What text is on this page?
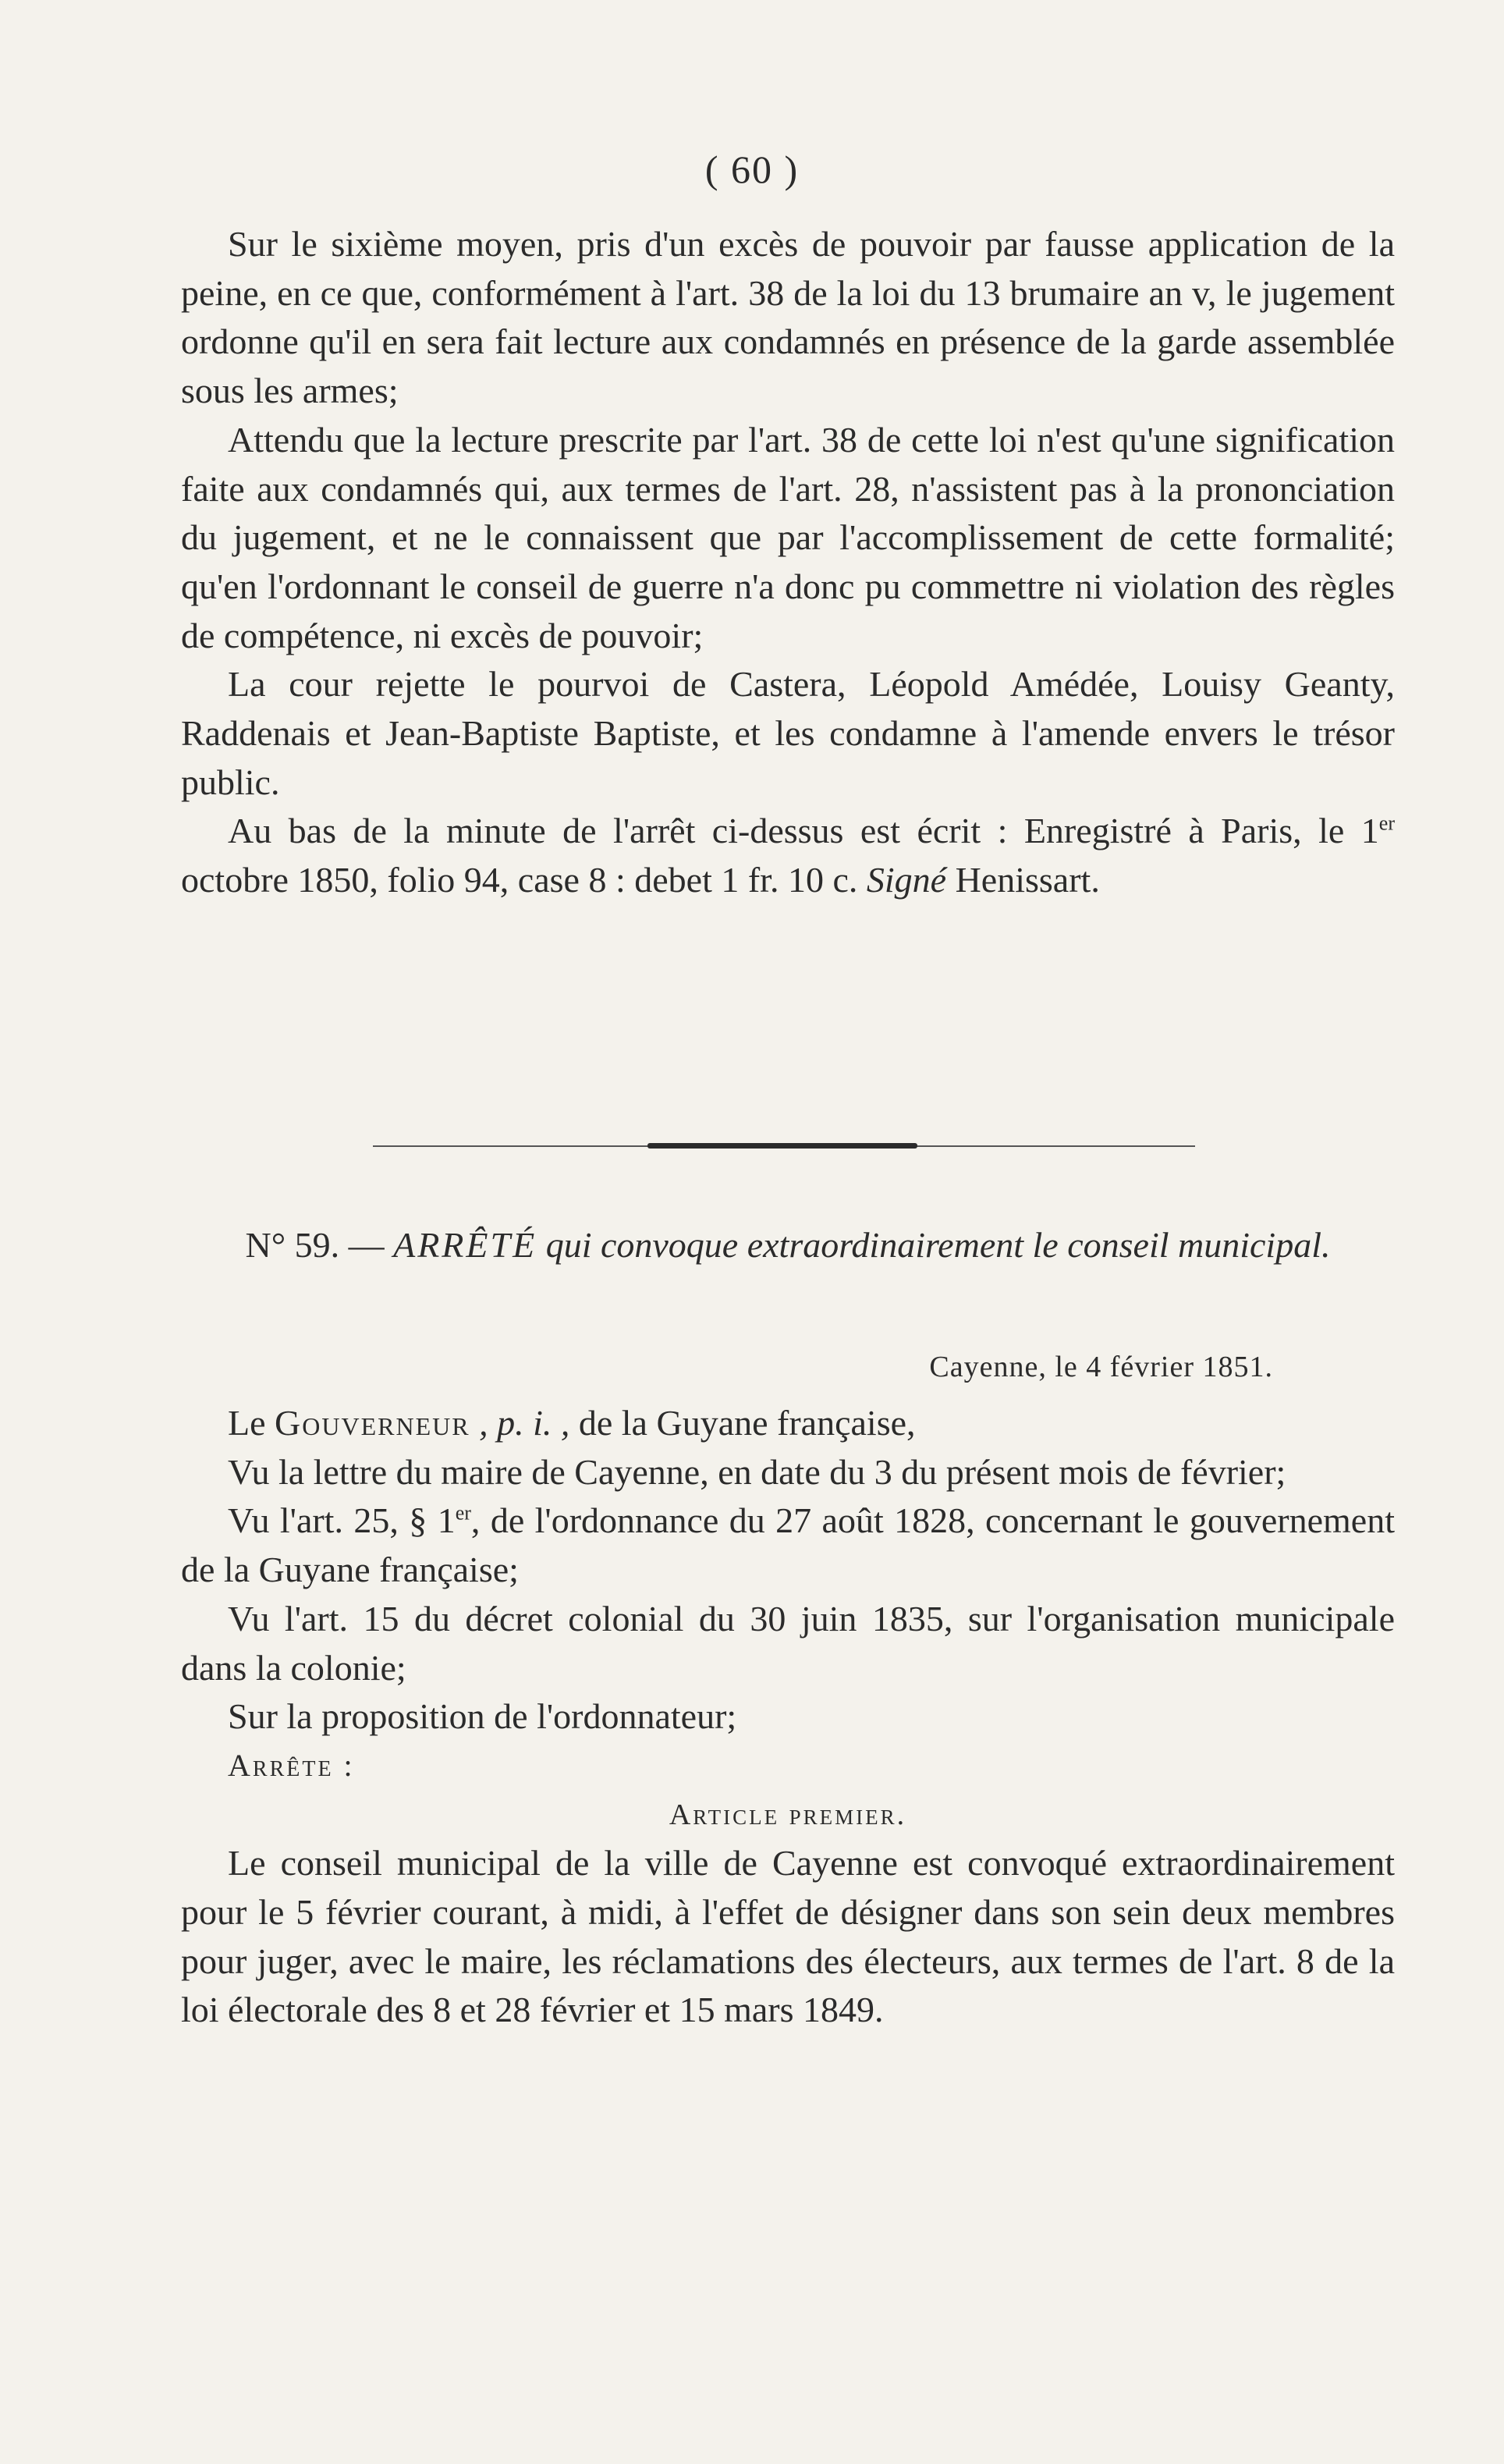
( 60 )

Sur le sixième moyen, pris d'un excès de pouvoir par fausse application de la peine, en ce que, conformément à l'art. 38 de la loi du 13 brumaire an v, le jugement ordonne qu'il en sera fait lecture aux condamnés en présence de la garde assemblée sous les armes;

Attendu que la lecture prescrite par l'art. 38 de cette loi n'est qu'une signification faite aux condamnés qui, aux termes de l'art. 28, n'assistent pas à la prononciation du jugement, et ne le connaissent que par l'accomplissement de cette formalité; qu'en l'ordonnant le conseil de guerre n'a donc pu commettre ni violation des règles de compétence, ni excès de pouvoir;

La cour rejette le pourvoi de Castera, Léopold Amédée, Louisy Geanty, Raddenais et Jean-Baptiste Baptiste, et les condamne à l'amende envers le trésor public.

Au bas de la minute de l'arrêt ci-dessus est écrit : Enregistré à Paris, le 1er octobre 1850, folio 94, case 8 : debet 1 fr. 10 c. Signé Henissart.

N° 59. — ARRÊTÉ qui convoque extraordinairement le conseil municipal.
Cayenne, le 4 février 1851.

Le Gouverneur , p. i. , de la Guyane française,

Vu la lettre du maire de Cayenne, en date du 3 du présent mois de février;

Vu l'art. 25, § 1er, de l'ordonnance du 27 août 1828, concernant le gouvernement de la Guyane française;

Vu l'art. 15 du décret colonial du 30 juin 1835, sur l'organisation municipale dans la colonie;

Sur la proposition de l'ordonnateur;

Arrête :

Article premier.

Le conseil municipal de la ville de Cayenne est convoqué extraordinairement pour le 5 février courant, à midi, à l'effet de désigner dans son sein deux membres pour juger, avec le maire, les réclamations des électeurs, aux termes de l'art. 8 de la loi électorale des 8 et 28 février et 15 mars 1849.
